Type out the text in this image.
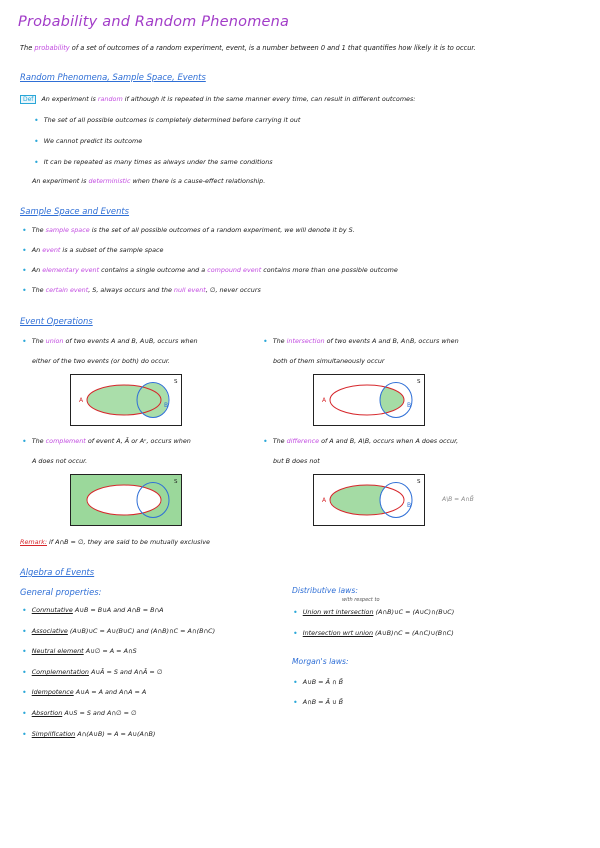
Probability and Random Phenomena
The probability of a set of outcomes of a random experiment, event, is a number between 0 and 1 that quantifies how likely it is to occur.
Random Phenomena, Sample Space, Events
Def An experiment is random if although it is repeated in the same manner every time, can result in different outcomes:
• The set of all possible outcomes is completely determined before carrying it out
• We cannot predict its outcome
• It can be repeated as many times as always under the same conditions
An experiment is deterministic when there is a cause-effect relationship.
Sample Space and Events
• The sample space is the set of all possible outcomes of a random experiment, we will denote it by S.
• An event is a subset of the sample space
• An elementary event contains a single outcome and a compound event contains more than one possible outcome
• The certain event, S, always occurs and the null event, ∅, never occurs
Event Operations
• The union of two events A and B, A∪B, occurs when
either of the two events (or both) do occur.
• The intersection of two events A and B, A∩B, occurs when
both of them simultaneously occur
S
A
B
S
A
B
• The complement of event A, Ā or Aᶜ, occurs when
A does not occur.
• The difference of A and B, A\B, occurs when A does occur,
but B does not
S	S
A
B
A\B = A∩B̄
Remark: if A∩B = ∅, they are said to be mutually exclusive
Algebra of Events
General properties:
• Conmutative A∪B = B∪A and A∩B = B∩A
• Associative (A∪B)∪C = A∪(B∪C) and (A∩B)∩C = A∩(B∩C)
• Neutral element A∪∅ = A = A∩S
• Complementation A∪Ā = S and A∩Ā = ∅
• Idempotence A∪A = A and A∩A = A
• Absortion A∪S = S and A∩∅ = ∅
• Simplification A∩(A∪B) = A = A∪(A∩B)
Distributive laws:
with respect to
• Union wrt intersection (A∩B)∪C = (A∪C)∩(B∪C)
• Intersection wrt union (A∪B)∩C = (A∩C)∪(B∩C)
Morgan's laws:
• A∪B = Ā ∩ B̄
• A∩B = Ā ∪ B̄
